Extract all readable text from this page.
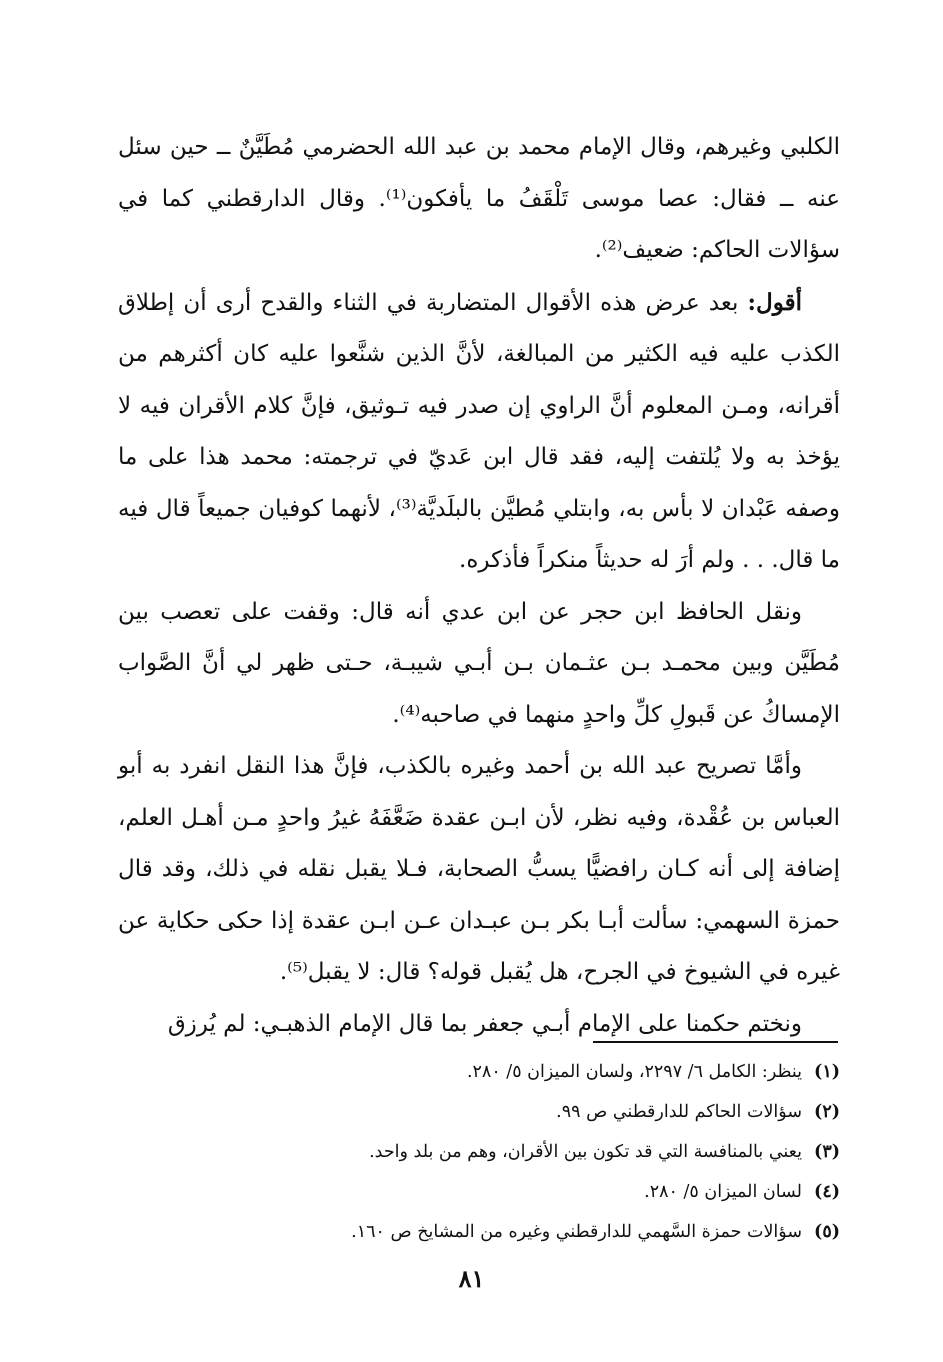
الكلبي وغيرهم، وقال الإمام محمد بن عبد الله الحضرمي مُطَيَّنٌ ــ حين سئل عنه ــ فقال: عصا موسى تَلْقَفُ ما يأفكون⁽¹⁾. وقال الدارقطني كما في سؤالات الحاكم: ضعيف⁽²⁾.

أقول: بعد عرض هذه الأقوال المتضاربة في الثناء والقدح أرى أن إطلاق الكذب عليه فيه الكثير من المبالغة، لأنَّ الذين شنَّعوا عليه كان أكثرهم من أقرانه، ومـن المعلوم أنَّ الراوي إن صدر فيه تـوثيق، فإنَّ كلام الأقران فيه لا يؤخذ به ولا يُلتفت إليه، فقد قال ابن عَديّ في ترجمته: محمد هذا على ما وصفه عَبْدان لا بأس به، وابتلي مُطيَّن بالبلَديَّة⁽³⁾، لأنهما كوفيان جميعاً قال فيه ما قال. . . ولم أرَ له حديثاً منكراً فأذكره.

ونقل الحافظ ابن حجر عن ابن عدي أنه قال: وقفت على تعصب بين مُطَيَّن وبين محمـد بـن عثـمان بـن أبـي شيبـة، حـتى ظهر لي أنَّ الصَّواب الإمساكُ عن قَبولِ كلِّ واحدٍ منهما في صاحبه⁽⁴⁾.

وأمَّا تصريح عبد الله بن أحمد وغيره بالكذب، فإنَّ هذا النقل انفرد به أبو العباس بن عُقْدة، وفيه نظر، لأن ابـن عقدة ضَعَّفَهُ غيرُ واحدٍ مـن أهـل العلم، إضافة إلى أنه كـان رافضيًّا يسبُّ الصحابة، فـلا يقبل نقله في ذلك، وقد قال حمزة السهمي: سألت أبـا بكر بـن عبـدان عـن ابـن عقدة إذا حكى حكاية عن غيره في الشيوخ في الجرح، هل يُقبل قوله؟ قال: لا يقبل⁽⁵⁾.

ونختم حكمنا على الإمام أبـي جعفر بما قال الإمام الذهبـي: لم يُرزق

(١)
ينظر: الكامل ٦/ ٢٢٩٧، ولسان الميزان ٥/ ٢٨٠.
(٢)
سؤالات الحاكم للدارقطني ص ٩٩.
(٣)
يعني بالمنافسة التي قد تكون بين الأقران، وهم من بلد واحد.
(٤)
لسان الميزان ٥/ ٢٨٠.
(٥)
سؤالات حمزة السَّهمي للدارقطني وغيره من المشايخ ص ١٦٠.
٨١
